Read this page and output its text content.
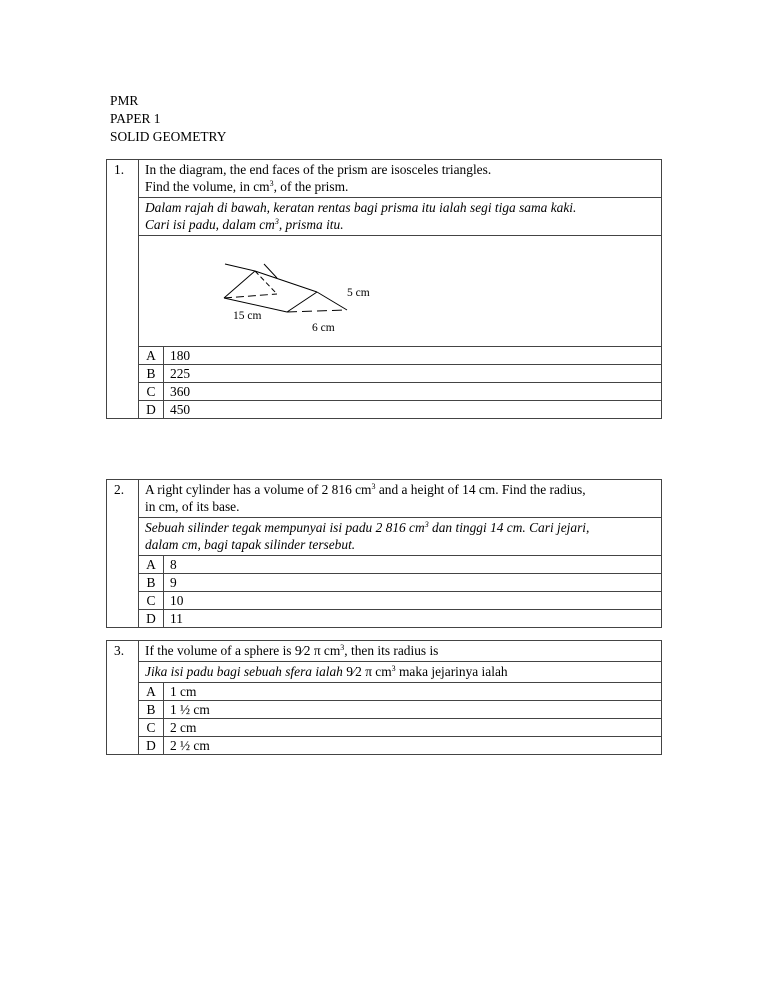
PMR
PAPER 1
SOLID GEOMETRY
1.	In the diagram, the end faces of the prism are isosceles triangles.
Find the volume, in $cm^3$, of the prism.
Dalam rajah di bawah, keratan rentas bagi prisma itu ialah segi tiga sama kaki.
Cari isi padu, dalam $cm^3$, prisma itu.
5 cm
15 cm
6 cm
A	180
B	225
C	360
D	450
2.	A right cylinder has a volume of 2 816 $cm^3$ and a height of 14 cm. Find the radius,
in cm, of its base.
Sebuah silinder tegak mempunyai isi padu 2 816 $cm^3$ dan tinggi 14 cm. Cari jejari,
dalam cm, bagi tapak silinder tersebut.
A	8
B	9
C	10
D	11
3.	If the volume of a sphere is 9⁄2 π $cm^3$, then its radius is
Jika isi padu bagi sebuah sfera ialah 9⁄2 π $cm^3$ maka jejarinya ialah
A	1 cm
B	1 ½ cm
C	2 cm
D	2 ½ cm
